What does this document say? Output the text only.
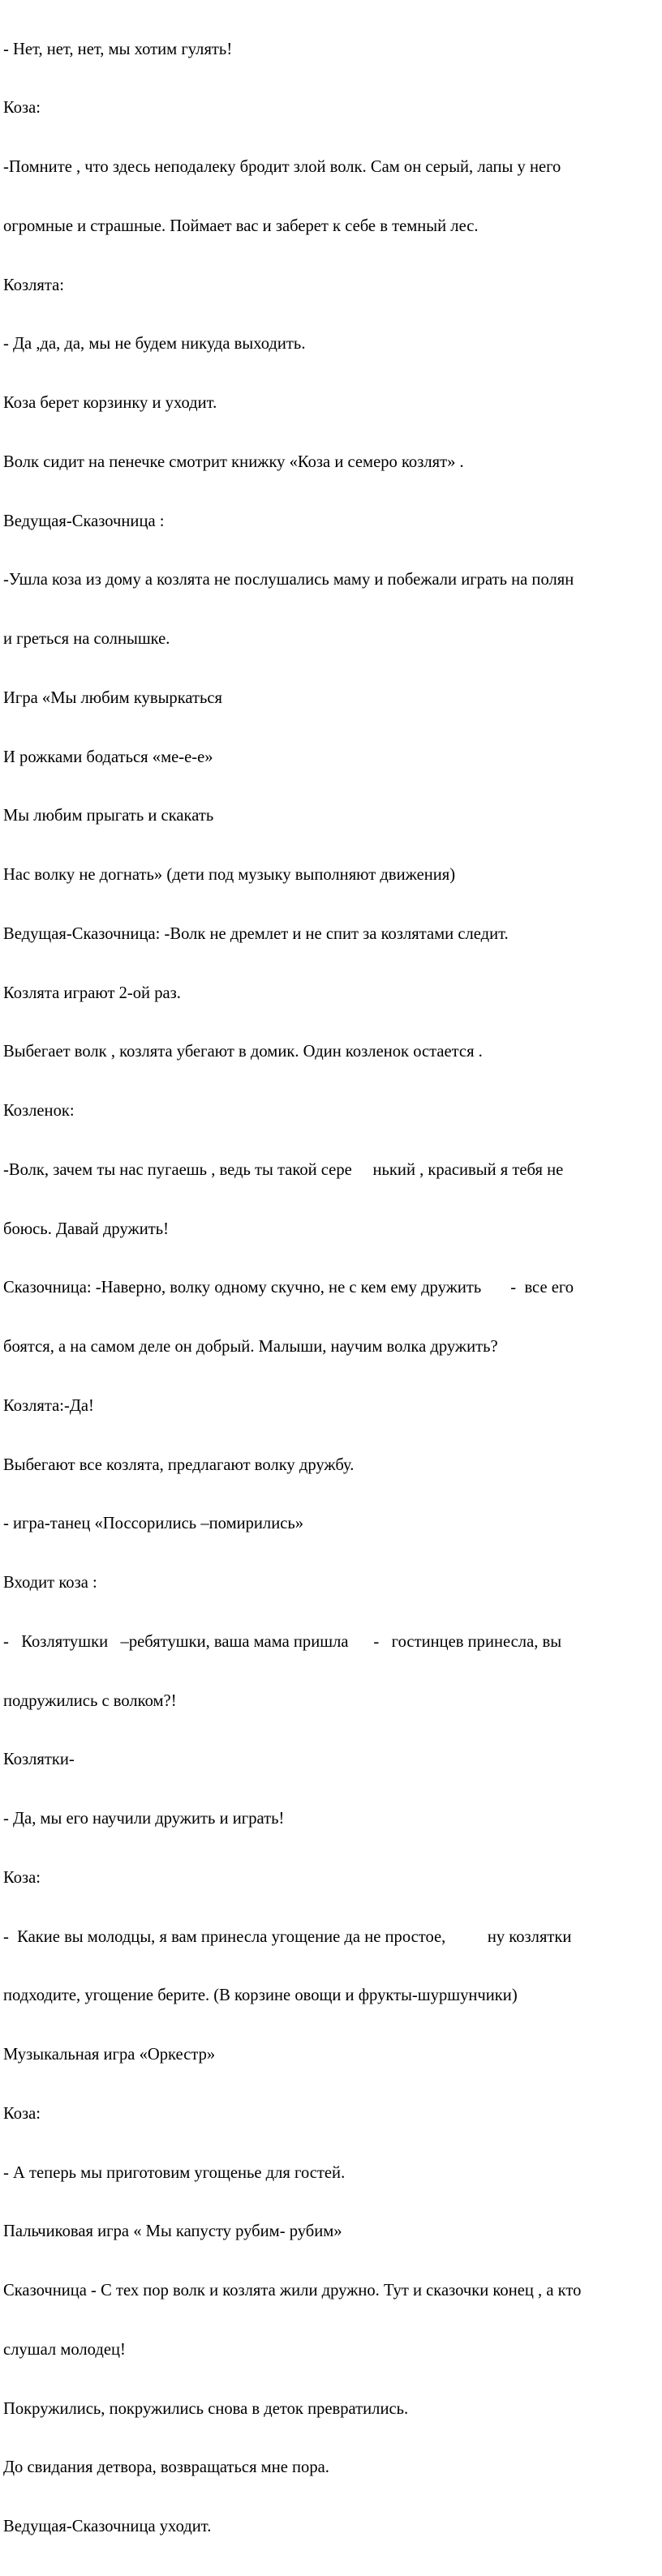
- Нет, нет, нет, мы хотим гулять!

Коза:

-Помните , что здесь неподалеку бродит злой волк. Сам он серый, лапы у него

огромные и страшные. Поймает вас и заберет к себе в темный лес.

Козлята:

- Да ,да, да, мы не будем никуда выходить.

Коза берет корзинку и уходит.

Волк сидит на пенечке смотрит книжку «Коза и семеро козлят» .

Ведущая-Сказочница :

-Ушла коза из дому а козлята не послушались маму и побежали играть на полян

и греться на солнышке.

Игра «Мы любим кувыркаться

И рожками бодаться «ме-е-е»

Мы любим прыгать и скакать

Нас волку не догнать» (дети под музыку выполняют движения)

Ведущая-Сказочница: -Волк не дремлет и не спит за козлятами следит.

Козлята играют 2-ой раз.

Выбегает волк , козлята убегают в домик. Один козленок остается .

Козленок:

-Волк, зачем ты нас пугаешь , ведь ты такой сере     нький , красивый я тебя не

боюсь. Давай дружить!

Сказочница: -Наверно, волку одному скучно, не с кем ему дружить       -  все его

боятся, а на самом деле он добрый. Малыши, научим волка дружить?

Козлята:-Да!

Выбегают все козлята, предлагают волку дружбу.

- игра-танец «Поссорились –помирились»

Входит коза :

-   Козлятушки   –ребятушки, ваша мама пришла      -   гостинцев принесла, вы

подружились с волком?!

Козлятки-

- Да, мы его научили дружить и играть!

Коза:

-  Какие вы молодцы, я вам принесла угощение да не простое,          ну козлятки

подходите, угощение берите. (В корзине овощи и фрукты-шуршунчики)

Музыкальная игра «Оркестр»

Коза:

- А теперь мы приготовим угощенье для гостей.

Пальчиковая игра « Мы капусту рубим- рубим»

Сказочница - С тех пор волк и козлята жили дружно. Тут и сказочки конец , а кто

слушал молодец!

Покружились, покружились снова в деток превратились.

До свидания детвора, возвращаться мне пора.

Ведущая-Сказочница уходит.
